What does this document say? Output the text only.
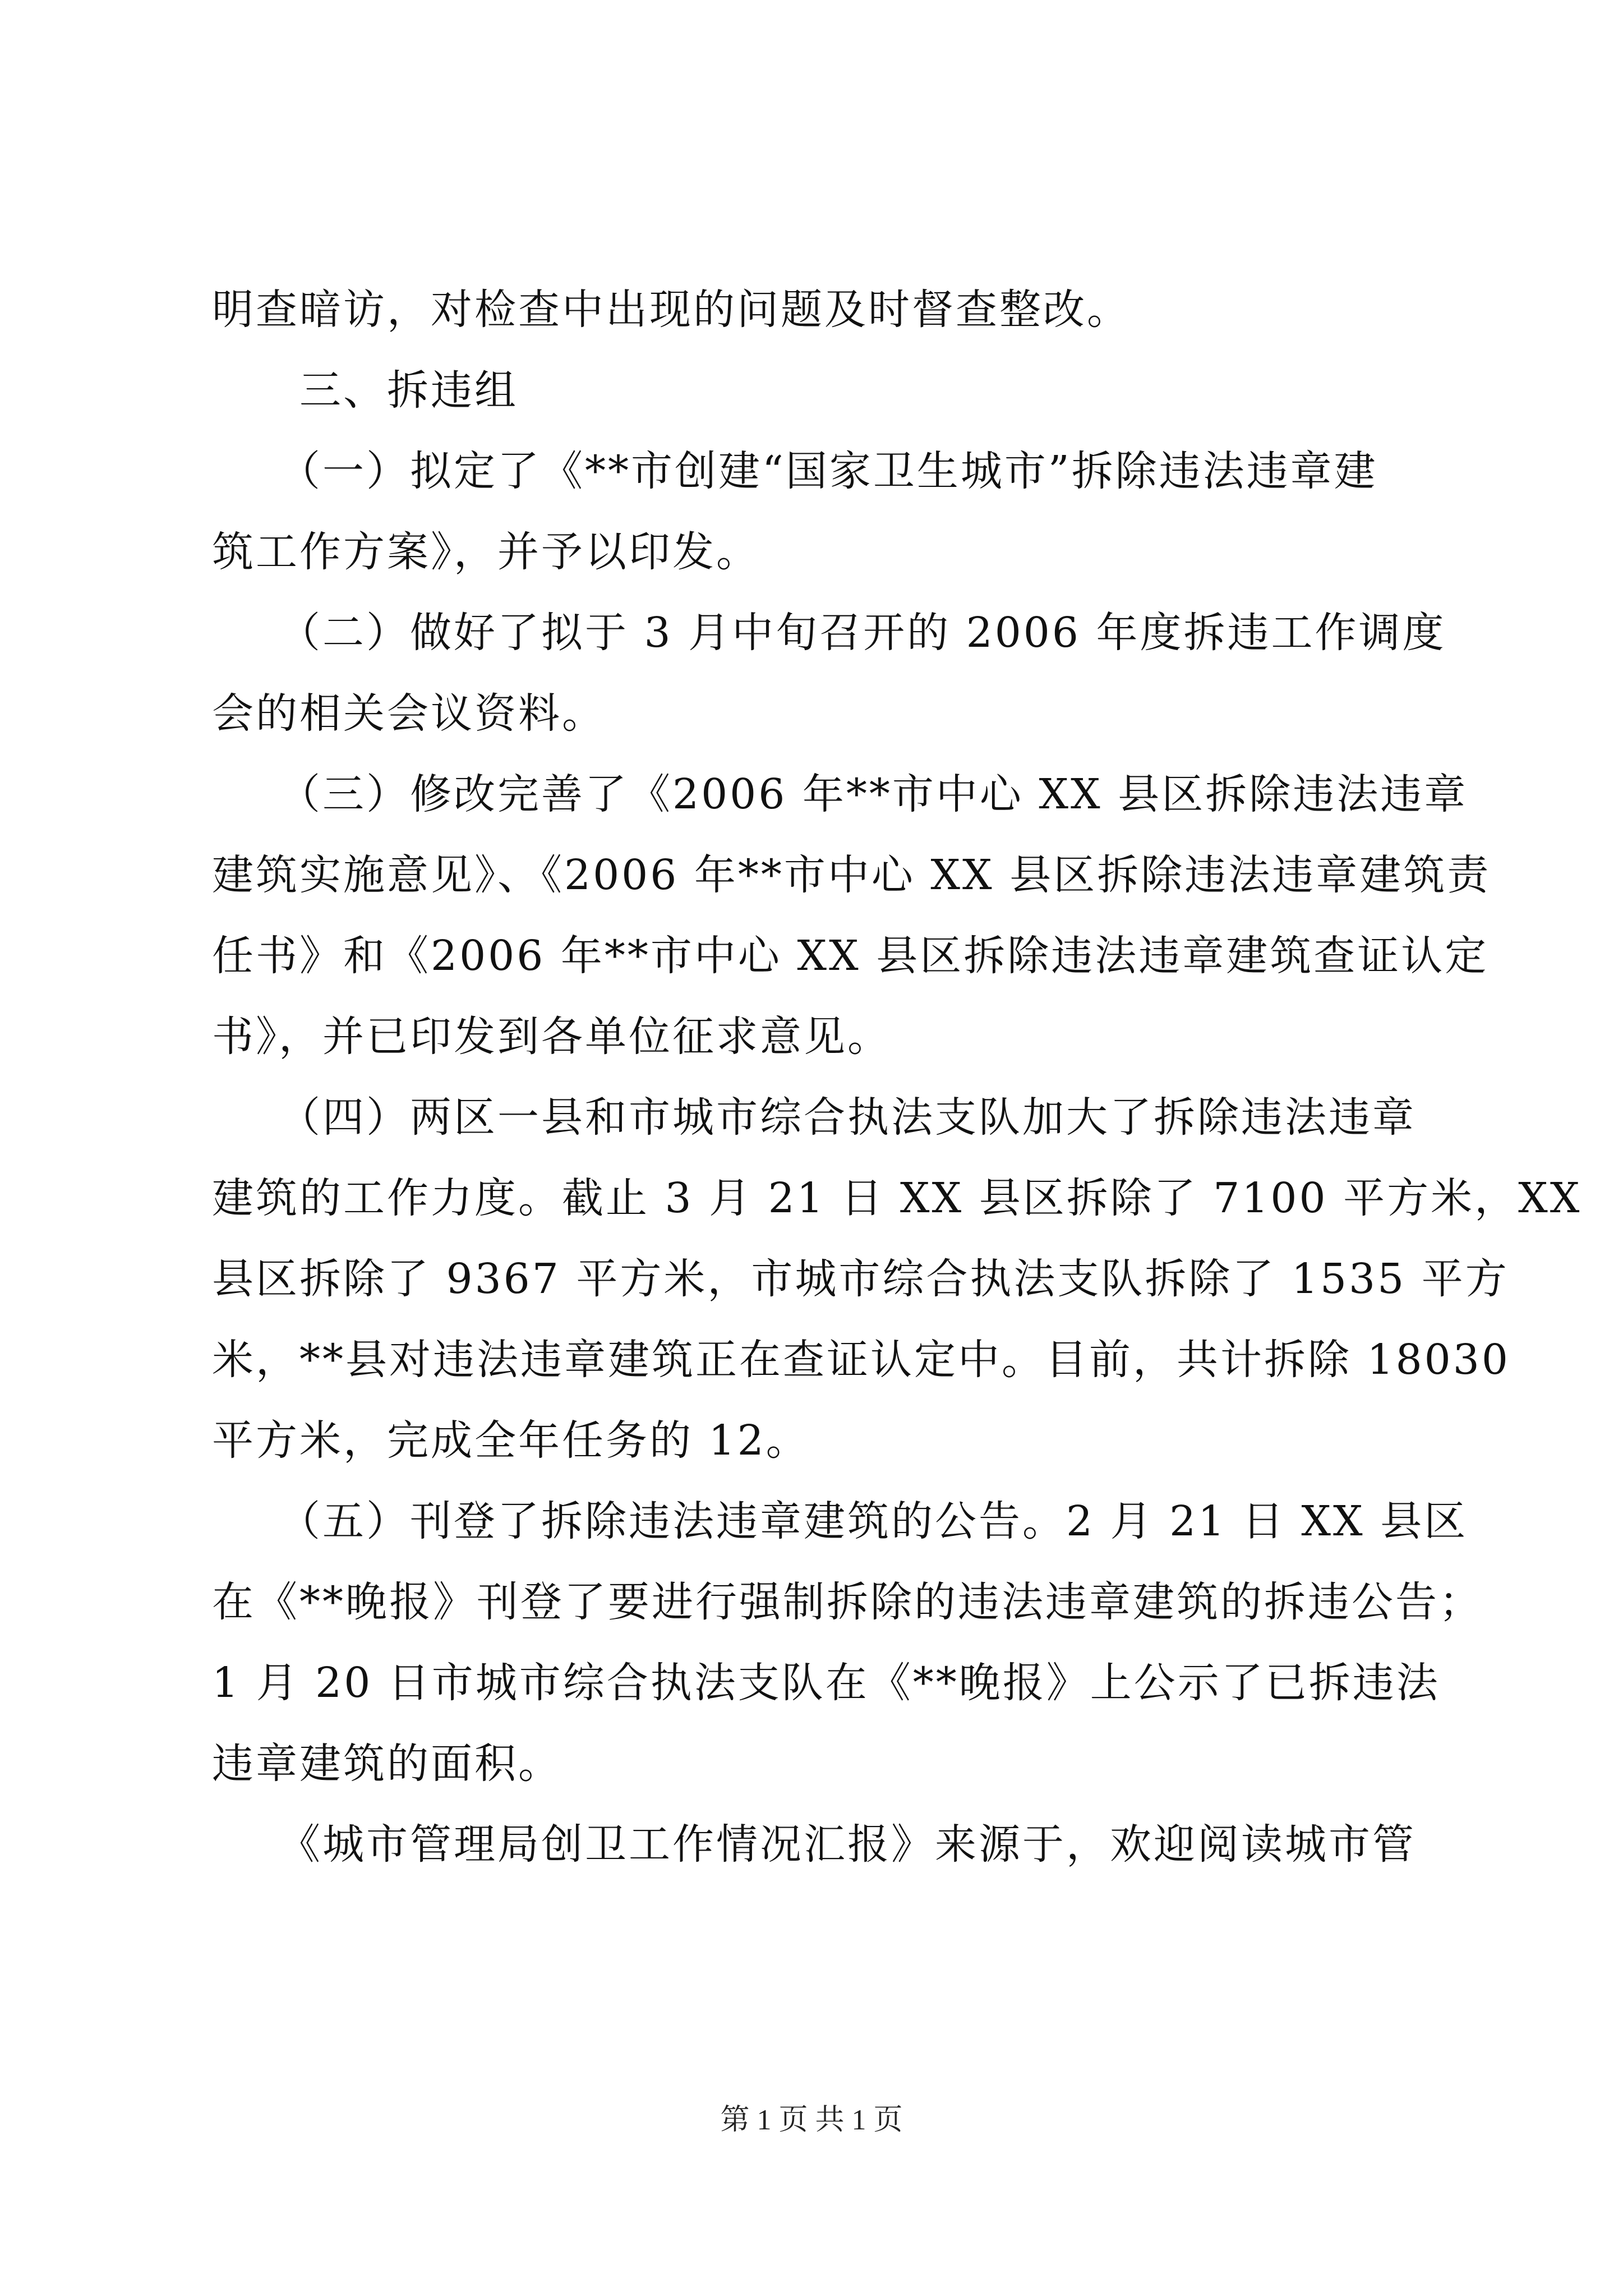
明查暗访，对检查中出现的问题及时督查整改。
　　三、拆违组
　　（一）拟定了《**市创建“国家卫生城市”拆除违法违章建
筑工作方案》，并予以印发。
　　（二）做好了拟于 3 月中旬召开的 2006 年度拆违工作调度
会的相关会议资料。
　　（三）修改完善了《2006 年**市中心 XX 县区拆除违法违章
建筑实施意见》、《2006 年**市中心 XX 县区拆除违法违章建筑责
任书》和《2006 年**市中心 XX 县区拆除违法违章建筑查证认定
书》，并已印发到各单位征求意见。
　　（四）两区一县和市城市综合执法支队加大了拆除违法违章
建筑的工作力度。截止 3 月 21 日 XX 县区拆除了 7100 平方米，XX
县区拆除了 9367 平方米，市城市综合执法支队拆除了 1535 平方
米，**县对违法违章建筑正在查证认定中。目前，共计拆除 18030
平方米，完成全年任务的 12。
　　（五）刊登了拆除违法违章建筑的公告。2 月 21 日 XX 县区
在《**晚报》刊登了要进行强制拆除的违法违章建筑的拆违公告；
1 月 20 日市城市综合执法支队在《**晚报》上公示了已拆违法
违章建筑的面积。
　　《城市管理局创卫工作情况汇报》来源于，欢迎阅读城市管
第 1 页 共 1 页
